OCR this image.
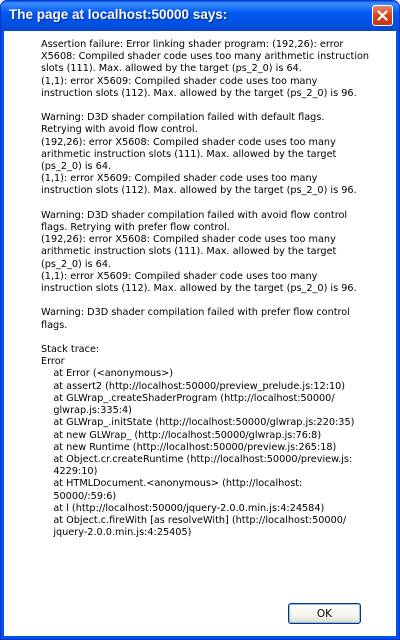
The page at localhost:50000 says:
Assertion failure: Error linking shader program: (192,26): error
X5608: Compiled shader code uses too many arithmetic instruction
slots (111). Max. allowed by the target (ps_2_0) is 64.
(1,1): error X5609: Compiled shader code uses too many
instruction slots (112). Max. allowed by the target (ps_2_0) is 96.

Warning: D3D shader compilation failed with default flags.
Retrying with avoid flow control.
(192,26): error X5608: Compiled shader code uses too many
arithmetic instruction slots (111). Max. allowed by the target
(ps_2_0) is 64.
(1,1): error X5609: Compiled shader code uses too many
instruction slots (112). Max. allowed by the target (ps_2_0) is 96.

Warning: D3D shader compilation failed with avoid flow control
flags. Retrying with prefer flow control.
(192,26): error X5608: Compiled shader code uses too many
arithmetic instruction slots (111). Max. allowed by the target
(ps_2_0) is 64.
(1,1): error X5609: Compiled shader code uses too many
instruction slots (112). Max. allowed by the target (ps_2_0) is 96.

Warning: D3D shader compilation failed with prefer flow control
flags.

Stack trace:
Error
at Error (<anonymous>)
at assert2 (http://localhost:50000/preview_prelude.js:12:10)
at GLWrap_.createShaderProgram (http://localhost:50000/
glwrap.js:335:4)
at GLWrap_.initState (http://localhost:50000/glwrap.js:220:35)
at new GLWrap_ (http://localhost:50000/glwrap.js:76:8)
at new Runtime (http://localhost:50000/preview.js:265:18)
at Object.cr.createRuntime (http://localhost:50000/preview.js:
4229:10)
at HTMLDocument.<anonymous> (http://localhost:
50000/:59:6)
at l (http://localhost:50000/jquery-2.0.0.min.js:4:24584)
at Object.c.fireWith [as resolveWith] (http://localhost:50000/
jquery-2.0.0.min.js:4:25405)
OK
